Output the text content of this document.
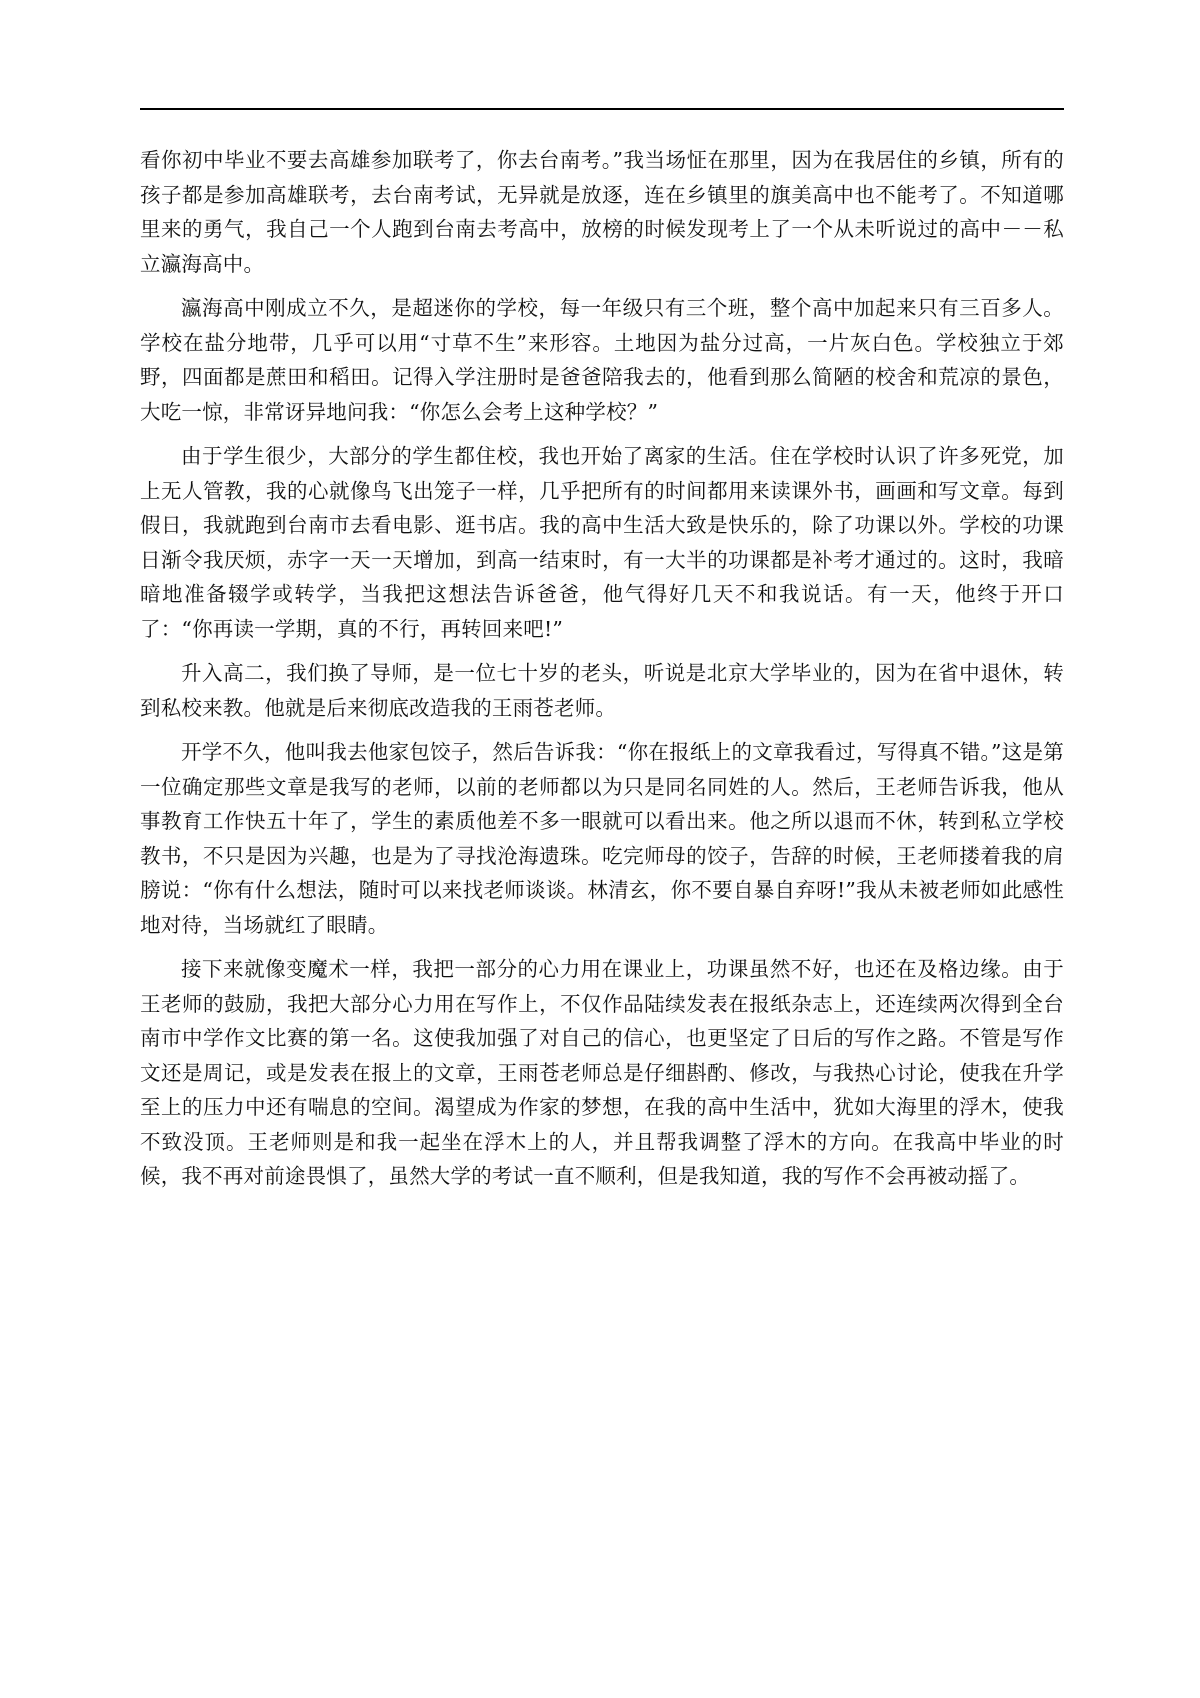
看你初中毕业不要去高雄参加联考了，你去台南考。”我当场怔在那里，因为在我居住的乡镇，所有的孩子都是参加高雄联考，去台南考试，无异就是放逐，连在乡镇里的旗美高中也不能考了。不知道哪里来的勇气，我自己一个人跑到台南去考高中，放榜的时候发现考上了一个从未听说过的高中－－私立瀛海高中。

瀛海高中刚成立不久，是超迷你的学校，每一年级只有三个班，整个高中加起来只有三百多人。学校在盐分地带，几乎可以用“寸草不生”来形容。土地因为盐分过高，一片灰白色。学校独立于郊野，四面都是蔗田和稻田。记得入学注册时是爸爸陪我去的，他看到那么简陋的校舍和荒凉的景色，大吃一惊，非常讶异地问我：“你怎么会考上这种学校？”

由于学生很少，大部分的学生都住校，我也开始了离家的生活。住在学校时认识了许多死党，加上无人管教，我的心就像鸟飞出笼子一样，几乎把所有的时间都用来读课外书，画画和写文章。每到假日，我就跑到台南市去看电影、逛书店。我的高中生活大致是快乐的，除了功课以外。学校的功课日渐令我厌烦，赤字一天一天增加，到高一结束时，有一大半的功课都是补考才通过的。这时，我暗暗地准备辍学或转学，当我把这想法告诉爸爸，他气得好几天不和我说话。有一天，他终于开口了：“你再读一学期，真的不行，再转回来吧!”

升入高二，我们换了导师，是一位七十岁的老头，听说是北京大学毕业的，因为在省中退休，转到私校来教。他就是后来彻底改造我的王雨苍老师。

开学不久，他叫我去他家包饺子，然后告诉我：“你在报纸上的文章我看过，写得真不错。”这是第一位确定那些文章是我写的老师，以前的老师都以为只是同名同姓的人。然后，王老师告诉我，他从事教育工作快五十年了，学生的素质他差不多一眼就可以看出来。他之所以退而不休，转到私立学校教书，不只是因为兴趣，也是为了寻找沧海遗珠。吃完师母的饺子，告辞的时候，王老师搂着我的肩膀说：“你有什么想法，随时可以来找老师谈谈。林清玄，你不要自暴自弃呀!”我从未被老师如此感性地对待，当场就红了眼睛。

接下来就像变魔术一样，我把一部分的心力用在课业上，功课虽然不好，也还在及格边缘。由于王老师的鼓励，我把大部分心力用在写作上，不仅作品陆续发表在报纸杂志上，还连续两次得到全台南市中学作文比赛的第一名。这使我加强了对自己的信心，也更坚定了日后的写作之路。不管是写作文还是周记，或是发表在报上的文章，王雨苍老师总是仔细斟酌、修改，与我热心讨论，使我在升学至上的压力中还有喘息的空间。渴望成为作家的梦想，在我的高中生活中，犹如大海里的浮木，使我不致没顶。王老师则是和我一起坐在浮木上的人，并且帮我调整了浮木的方向。在我高中毕业的时候，我不再对前途畏惧了，虽然大学的考试一直不顺利，但是我知道，我的写作不会再被动摇了。
